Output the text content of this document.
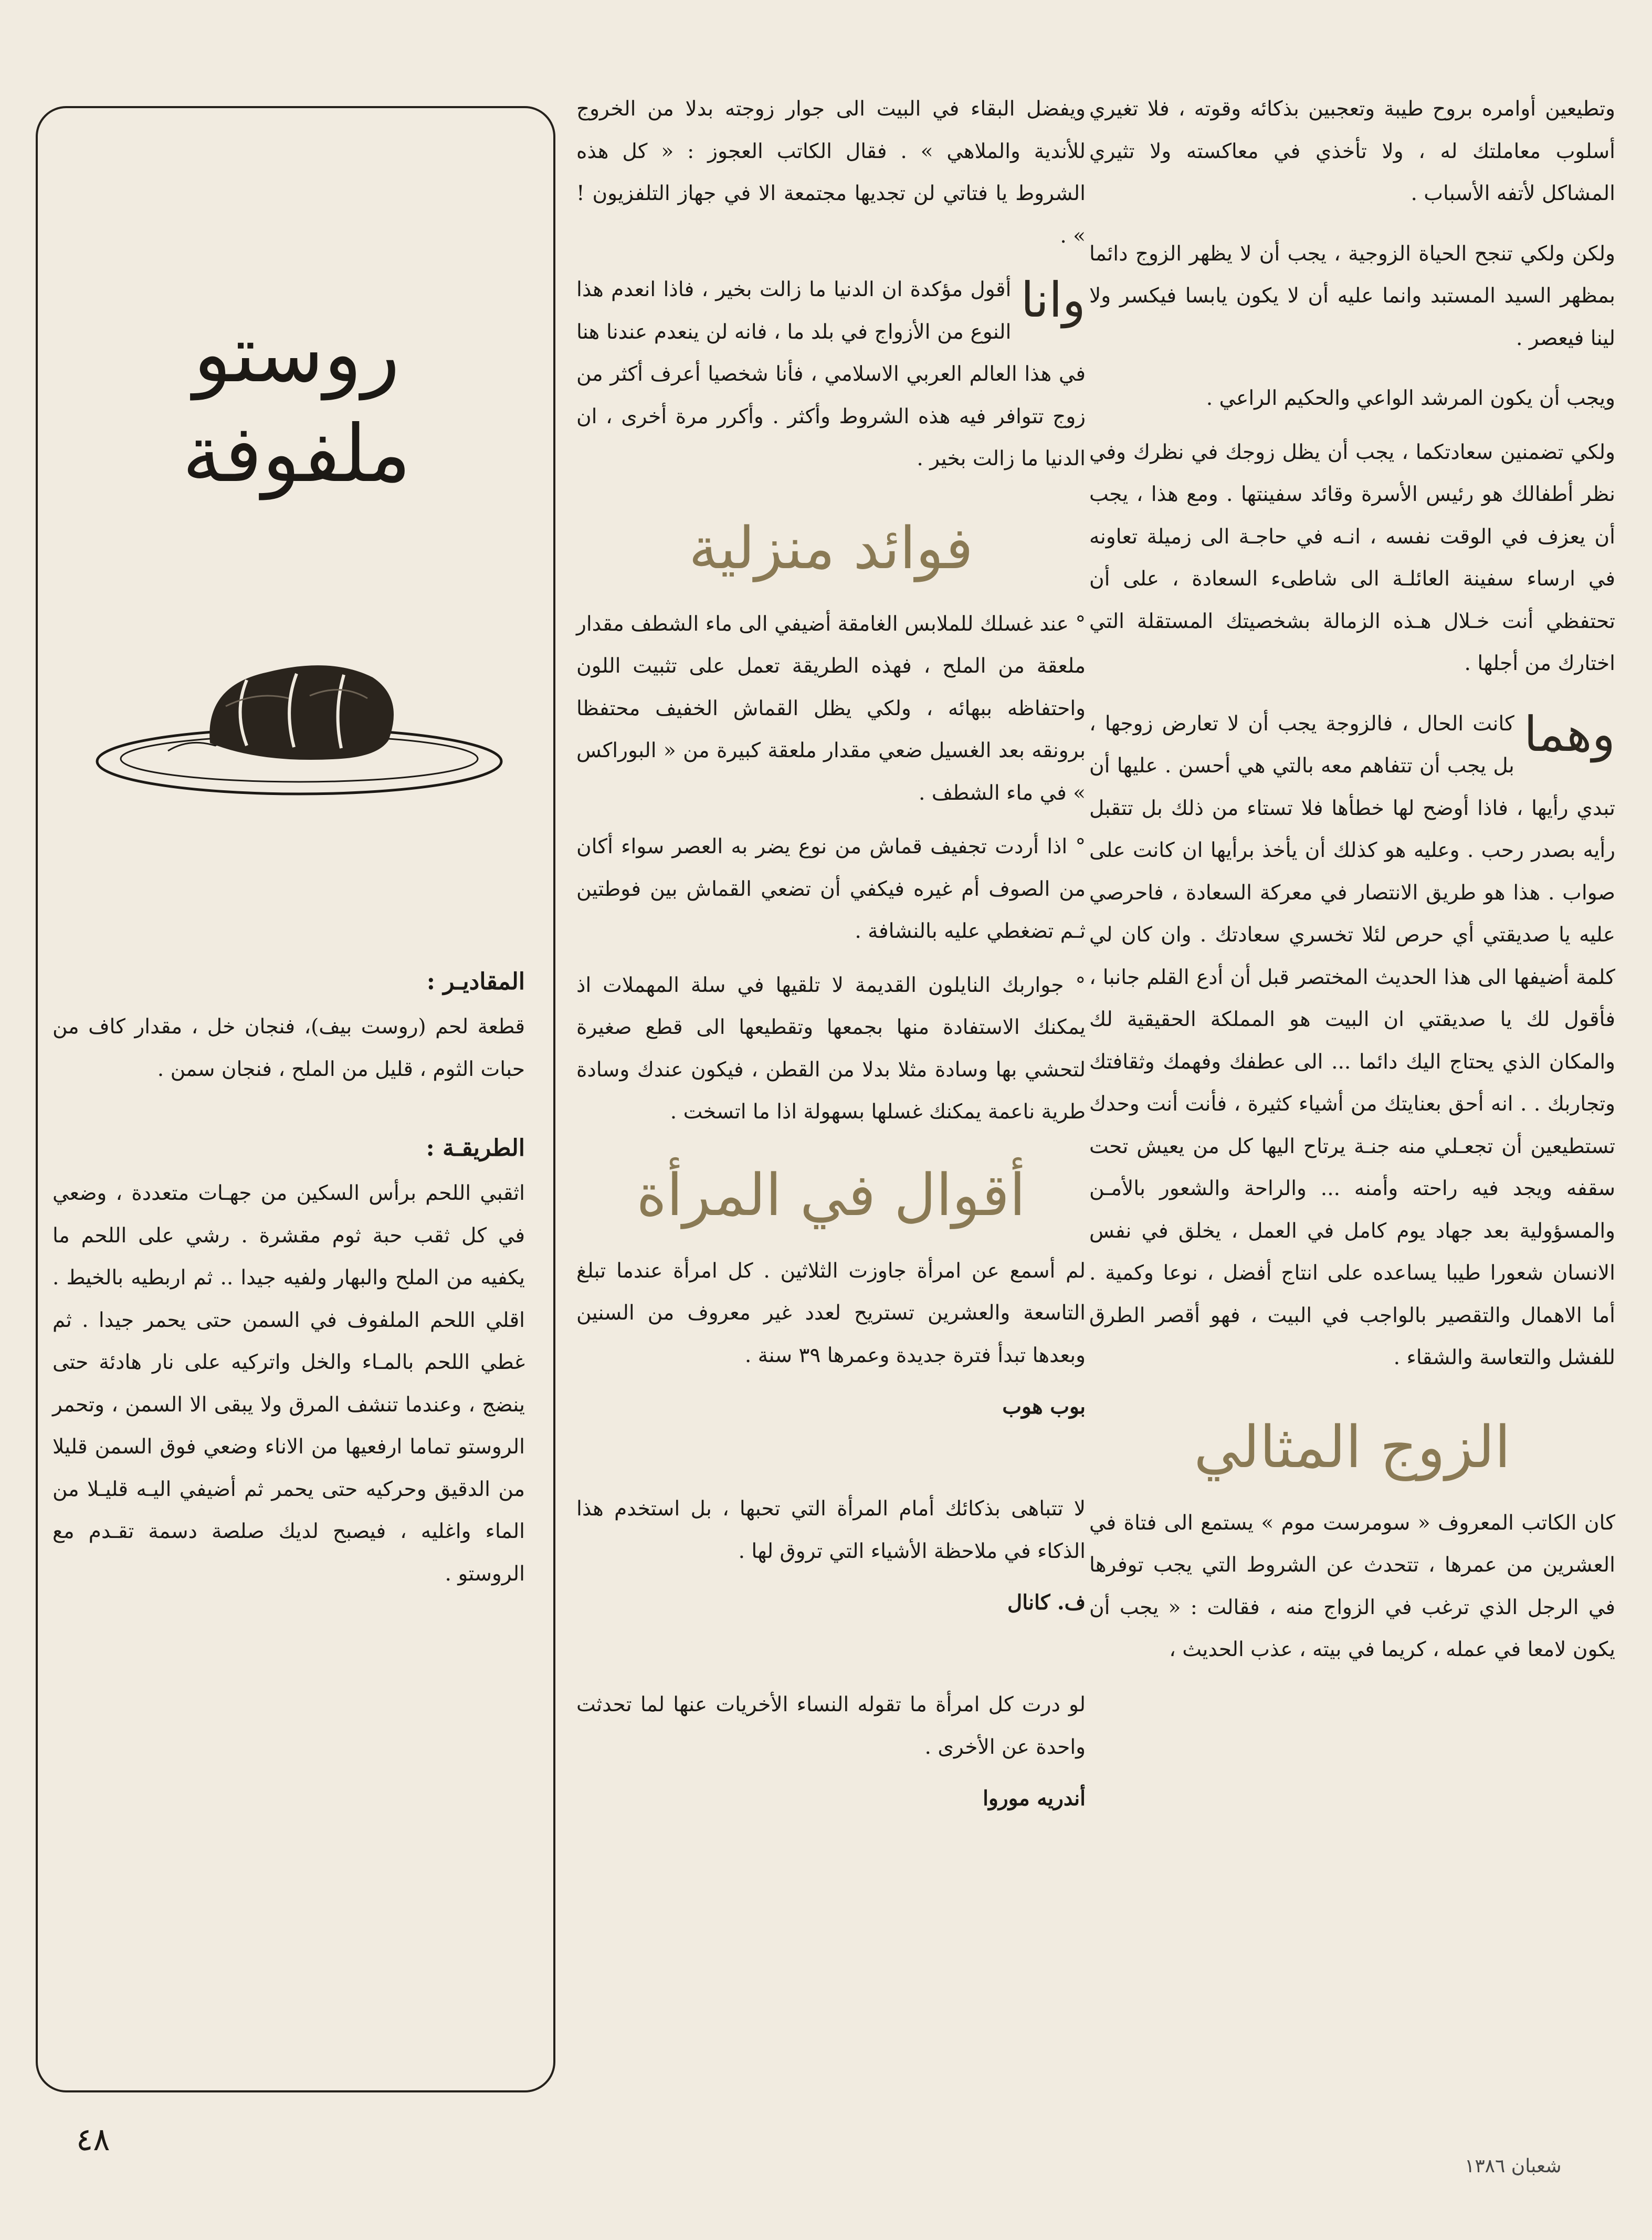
وتطيعين أوامره بروح طيبة وتعجبين بذكائه وقوته ، فلا تغيري أسلوب معاملتك له ، ولا تأخذي في معاكسته ولا تثيري المشاكل لأتفه الأسباب .

ولكن ولكي تنجح الحياة الزوجية ، يجب أن لا يظهر الزوج دائما بمظهر السيد المستبد وانما عليه أن لا يكون يابسا فيكسر ولا لينا فيعصر .

ويجب أن يكون المرشد الواعي والحكيم الراعي .

ولكي تضمنين سعادتكما ، يجب أن يظل زوجك في نظرك وفي نظر أطفالك هو رئيس الأسرة وقائد سفينتها . ومع هذا ، يجب أن يعزف في الوقت نفسه ، انـه في حاجـة الى زميلة تعاونه في ارساء سفينة العائلـة الى شاطىء السعادة ، على أن تحتفظي أنت خـلال هـذه الزمالة بشخصيتك المستقلة التي اختارك من أجلها .

وهما
كانت الحال ، فالزوجة يجب أن لا تعارض زوجها ، بل يجب أن تتفاهم معه بالتي هي أحسن . عليها أن تبدي رأيها ، فاذا أوضح لها خطأها فلا تستاء من ذلك بل تتقبل رأيه بصدر رحب . وعليه هو كذلك أن يأخذ برأيها ان كانت على صواب . هذا هو طريق الانتصار في معركة السعادة ، فاحرصي عليه يا صديقتي أي حرص لئلا تخسري سعادتك . وان كان لي كلمة أضيفها الى هذا الحديث المختصر قبل أن أدع القلم جانبا ، فأقول لك يا صديقتي ان البيت هو المملكة الحقيقية لك والمكان الذي يحتاج اليك دائما ... الى عطفك وفهمك وثقافتك وتجاربك . . انه أحق بعنايتك من أشياء كثيرة ، فأنت أنت وحدك تستطيعين أن تجعـلي منه جنـة يرتاح اليها كل من يعيش تحت سقفه ويجد فيه راحته وأمنه ... والراحة والشعور بالأمـن والمسؤولية بعد جهاد يوم كامل في العمل ، يخلق في نفس الانسان شعورا طيبا يساعده على انتاج أفضل ، نوعا وكمية . أما الاهمال والتقصير بالواجب في البيت ، فهو أقصر الطرق للفشل والتعاسة والشقاء .

الزوج المثالي

كان الكاتب المعروف « سومرست موم » يستمع الى فتاة في العشرين من عمرها ، تتحدث عن الشروط التي يجب توفرها في الرجل الذي ترغب في الزواج منه ، فقالت : « يجب أن يكون لامعا في عمله ، كريما في بيته ، عذب الحديث ،

ويفضل البقاء في البيت الى جوار زوجته بدلا من الخروج للأندية والملاهي » . فقال الكاتب العجوز : « كل هذه الشروط يا فتاتي لن تجديها مجتمعة الا في جهاز التلفزيون ! » .

وانا
أقول مؤكدة ان الدنيا ما زالت بخير ، فاذا انعدم هذا النوع من الأزواج في بلد ما ، فانه لن ينعدم عندنا هنا في هذا العالم العربي الاسلامي ، فأنا شخصيا أعرف أكثر من زوج تتوافر فيه هذه الشروط وأكثر . وأكرر مرة أخرى ، ان الدنيا ما زالت بخير .

فوائد منزلية

° عند غسلك للملابس الغامقة أضيفي الى ماء الشطف مقدار ملعقة من الملح ، فهذه الطريقة تعمل على تثبيت اللون واحتفاظه ببهائه ، ولكي يظل القماش الخفيف محتفظا برونقه بعد الغسيل ضعي مقدار ملعقة كبيرة من « البوراكس » في ماء الشطف .

° اذا أردت تجفيف قماش من نوع يضر به العصر سواء أكان من الصوف أم غيره فيكفي أن تضعي القماش بين فوطتين ثـم تضغطي عليه بالنشافة .

° جواربك النايلون القديمة لا تلقيها في سلة المهملات اذ يمكنك الاستفادة منها بجمعها وتقطيعها الى قطع صغيرة لتحشي بها وسادة مثلا بدلا من القطن ، فيكون عندك وسادة طرية ناعمة يمكنك غسلها بسهولة اذا ما اتسخت .

أقوال في المرأة

لم أسمع عن امرأة جاوزت الثلاثين . كل امرأة عندما تبلغ التاسعة والعشرين تستريح لعدد غير معروف من السنين وبعدها تبدأ فترة جديدة وعمرها ٣٩ سنة .

بوب هوب

لا تتباهى بذكائك أمام المرأة التي تحبها ، بل استخدم هذا الذكاء في ملاحظة الأشياء التي تروق لها .

ف. كانال

لو درت كل امرأة ما تقوله النساء الأخريات عنها لما تحدثت واحدة عن الأخرى .

أندريه موروا

روستو
ملفوفة
المقاديـر :

قطعة لحم (روست بيف)، فنجان خل ، مقدار كاف من حبات الثوم ، قليل من الملح ، فنجان سمن .

الطريقـة :

اثقبي اللحم برأس السكين من جهـات متعددة ، وضعي في كل ثقب حبة ثوم مقشرة . رشي على اللحم ما يكفيه من الملح والبهار ولفيه جيدا .. ثم اربطيه بالخيط . اقلي اللحم الملفوف في السمن حتى يحمر جيدا . ثم غطي اللحم بالمـاء والخل واتركيه على نار هادئة حتى ينضج ، وعندما تنشف المرق ولا يبقى الا السمن ، وتحمر الروستو تماما ارفعيها من الاناء وضعي فوق السمن قليلا من الدقيق وحركيه حتى يحمر ثم أضيفي اليـه قليـلا من الماء واغليه ، فيصبح لديك صلصة دسمة تقـدم مع الروستو .

٤٨
شعبان ١٣٨٦
